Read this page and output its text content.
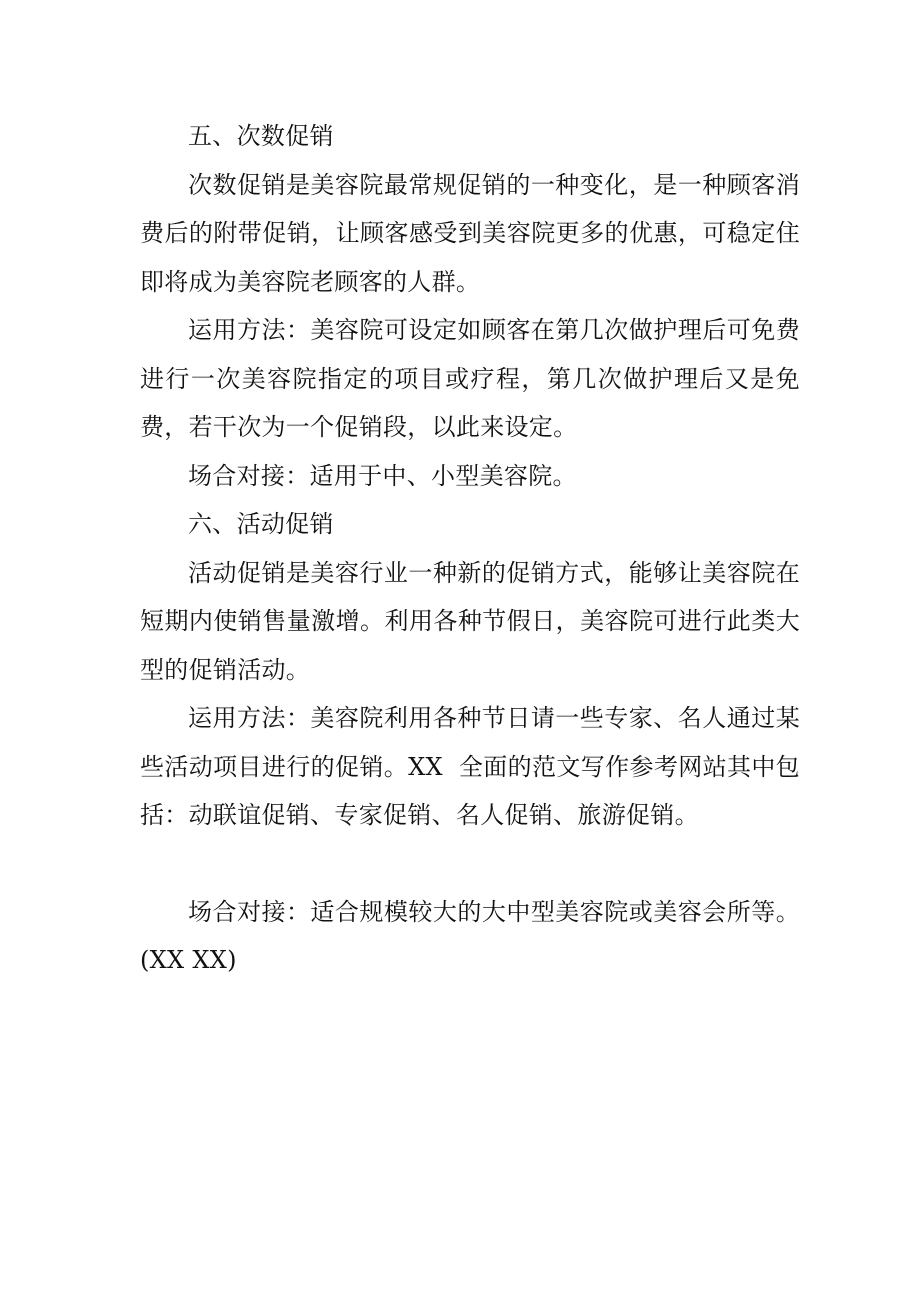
五、次数促销

次数促销是美容院最常规促销的一种变化，是一种顾客消费后的附带促销，让顾客感受到美容院更多的优惠，可稳定住即将成为美容院老顾客的人群。

运用方法：美容院可设定如顾客在第几次做护理后可免费进行一次美容院指定的项目或疗程，第几次做护理后又是免费，若干次为一个促销段，以此来设定。

场合对接：适用于中、小型美容院。

六、活动促销

活动促销是美容行业一种新的促销方式，能够让美容院在短期内使销售量激增。利用各种节假日，美容院可进行此类大型的促销活动。

运用方法：美容院利用各种节日请一些专家、名人通过某些活动项目进行的促销。XX  全面的范文写作参考网站其中包括：动联谊促销、专家促销、名人促销、旅游促销。

场合对接：适合规模较大的大中型美容院或美容会所等。(XX XX)
